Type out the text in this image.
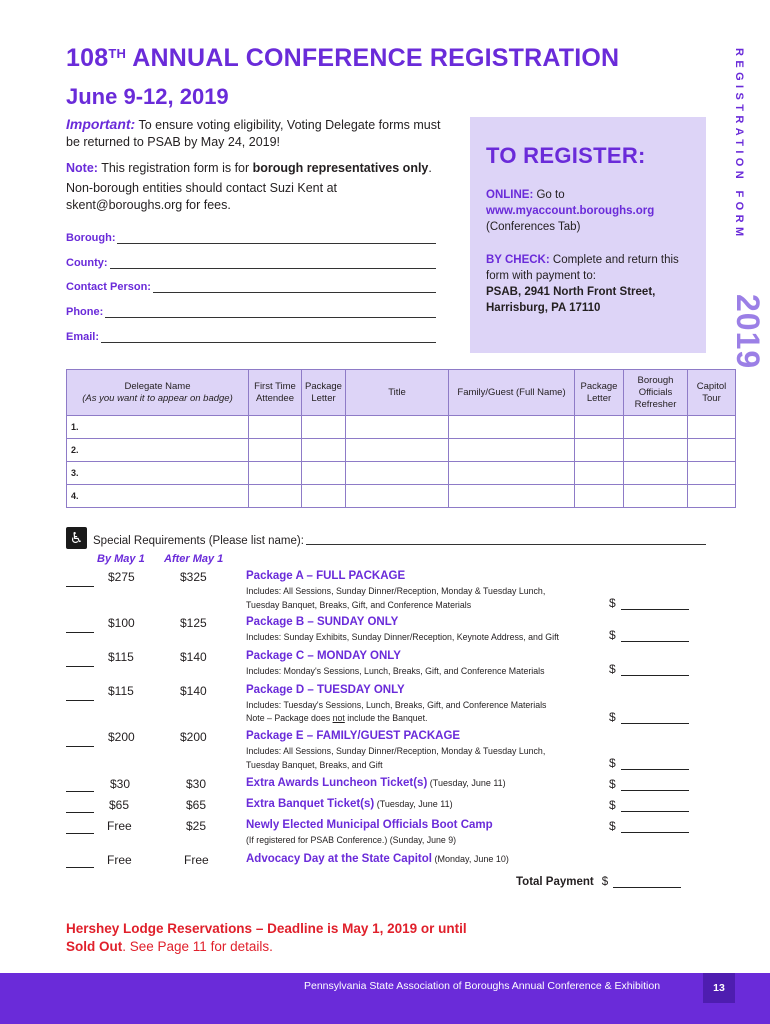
108TH ANNUAL CONFERENCE REGISTRATION
June 9-12, 2019
Important: To ensure voting eligibility, Voting Delegate forms must be returned to PSAB by May 24, 2019!
Note: This registration form is for borough representatives only.
Non-borough entities should contact Suzi Kent at skent@boroughs.org for fees.
Borough:
County:
Contact Person:
Phone:
Email:
TO REGISTER:

ONLINE: Go to

www.myaccount.boroughs.org

(Conferences Tab)

BY CHECK: Complete and return this form with payment to:

PSAB, 2941 North Front Street, Harrisburg, PA 17110

REGISTRATION FORM
2019
Delegate Name
(As you want it to appear on badge)	First Time Attendee	Package Letter	Title	Family/Guest (Full Name)	Package Letter	Borough Officials Refresher	Capitol Tour
1.							
2.							
3.							
4.							
♿ Special Requirements (Please list name):
By May 1 After May 1
$275	$325	Package A – FULL PACKAGE
Includes: All Sessions, Sunday Dinner/Reception, Monday & Tuesday Lunch, Tuesday Banquet, Breaks, Gift, and Conference Materials	$
$100	$125	Package B – SUNDAY ONLY
Includes: Sunday Exhibits, Sunday Dinner/Reception, Keynote Address, and Gift	$
$115	$140	Package C – MONDAY ONLY
Includes: Monday's Sessions, Lunch, Breaks, Gift, and Conference Materials	$
$115	$140	Package D – TUESDAY ONLY
Includes: Tuesday's Sessions, Lunch, Breaks, Gift, and Conference Materials
Note – Package does not include the Banquet.	$
$200	$200	Package E – FAMILY/GUEST PACKAGE
Includes: All Sessions, Sunday Dinner/Reception, Monday & Tuesday Lunch, Tuesday Banquet, Breaks, and Gift	$
$30	$30	Extra Awards Luncheon Ticket(s) (Tuesday, June 11)	$
$65	$65	Extra Banquet Ticket(s) (Tuesday, June 11)	$
Free	$25	Newly Elected Municipal Officials Boot Camp
(If registered for PSAB Conference.) (Sunday, June 9)
$
Free	Free	Advocacy Day at the State Capitol (Monday, June 10)
Total Payment $
Hershey Lodge Reservations – Deadline is May 1, 2019 or until Sold Out. See Page 11 for details.
Pennsylvania State Association of Boroughs Annual Conference & Exhibition	13
